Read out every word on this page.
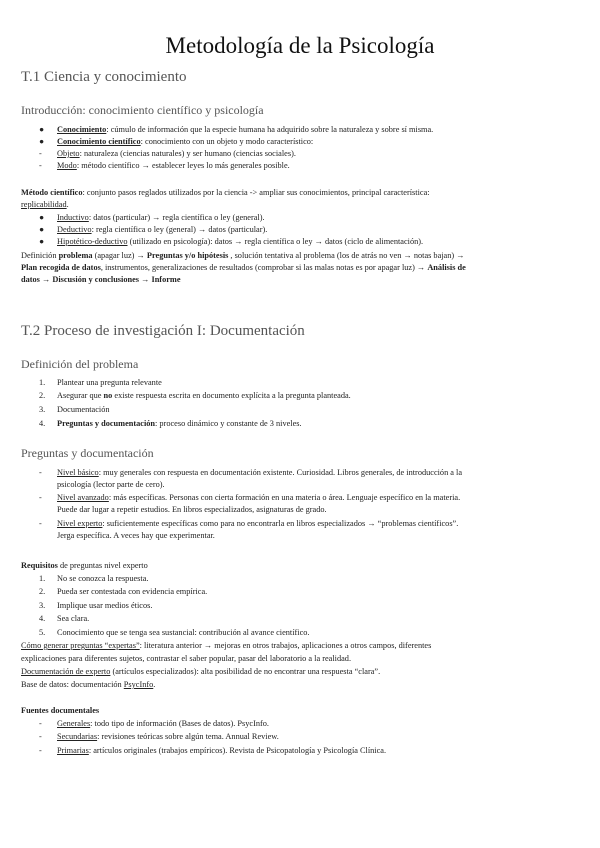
Metodología de la Psicología
T.1 Ciencia y conocimiento
Introducción: conocimiento científico y psicología
● Conocimiento: cúmulo de información que la especie humana ha adquirido sobre la naturaleza y sobre sí misma.
● Conocimiento científico: conocimiento con un objeto y modo característico:
- Objeto: naturaleza (ciencias naturales) y ser humano (ciencias sociales).
- Modo: método científico → establecer leyes lo más generales posible.
Método científico: conjunto pasos reglados utilizados por la ciencia -> ampliar sus conocimientos, principal característica:
replicabilidad.
● Inductivo: datos (particular) → regla científica o ley (general).
● Deductivo: regla científica o ley (general) → datos (particular).
● Hipotético-deductivo (utilizado en psicología): datos → regla científica o ley → datos (ciclo de alimentación).
Definición problema (apagar luz) → Preguntas y/o hipótesis , solución tentativa al problema (los de atrás no ven → notas bajan) →
Plan recogida de datos, instrumentos, generalizaciones de resultados (comprobar si las malas notas es por apagar luz) → Análisis de
datos → Discusión y conclusiones → Informe
T.2 Proceso de investigación I: Documentación
Definición del problema
1. Plantear una pregunta relevante
2. Asegurar que no existe respuesta escrita en documento explícita a la pregunta planteada.
3. Documentación
4. Preguntas y documentación: proceso dinámico y constante de 3 niveles.
Preguntas y documentación
- Nivel básico: muy generales con respuesta en documentación existente. Curiosidad. Libros generales, de introducción a la
psicología (lector parte de cero).
- Nivel avanzado: más específicas. Personas con cierta formación en una materia o área. Lenguaje específico en la materia.
Puede dar lugar a repetir estudios. En libros especializados, asignaturas de grado.
- Nivel experto: suficientemente específicas como para no encontrarla en libros especializados → “problemas científicos”.
Jerga específica. A veces hay que experimentar.
Requisitos de preguntas nivel experto
1. No se conozca la respuesta.
2. Pueda ser contestada con evidencia empírica.
3. Implique usar medios éticos.
4. Sea clara.
5. Conocimiento que se tenga sea sustancial: contribución al avance científico.
Cómo generar preguntas “expertas”: literatura anterior → mejoras en otros trabajos, aplicaciones a otros campos, diferentes
explicaciones para diferentes sujetos, contrastar el saber popular, pasar del laboratorio a la realidad.
Documentación de experto (artículos especializados): alta posibilidad de no encontrar una respuesta “clara”.
Base de datos: documentación PsycInfo.
Fuentes documentales
- Generales: todo tipo de información (Bases de datos). PsycInfo.
- Secundarias: revisiones teóricas sobre algún tema. Annual Review.
- Primarias: artículos originales (trabajos empíricos). Revista de Psicopatología y Psicología Clínica.
